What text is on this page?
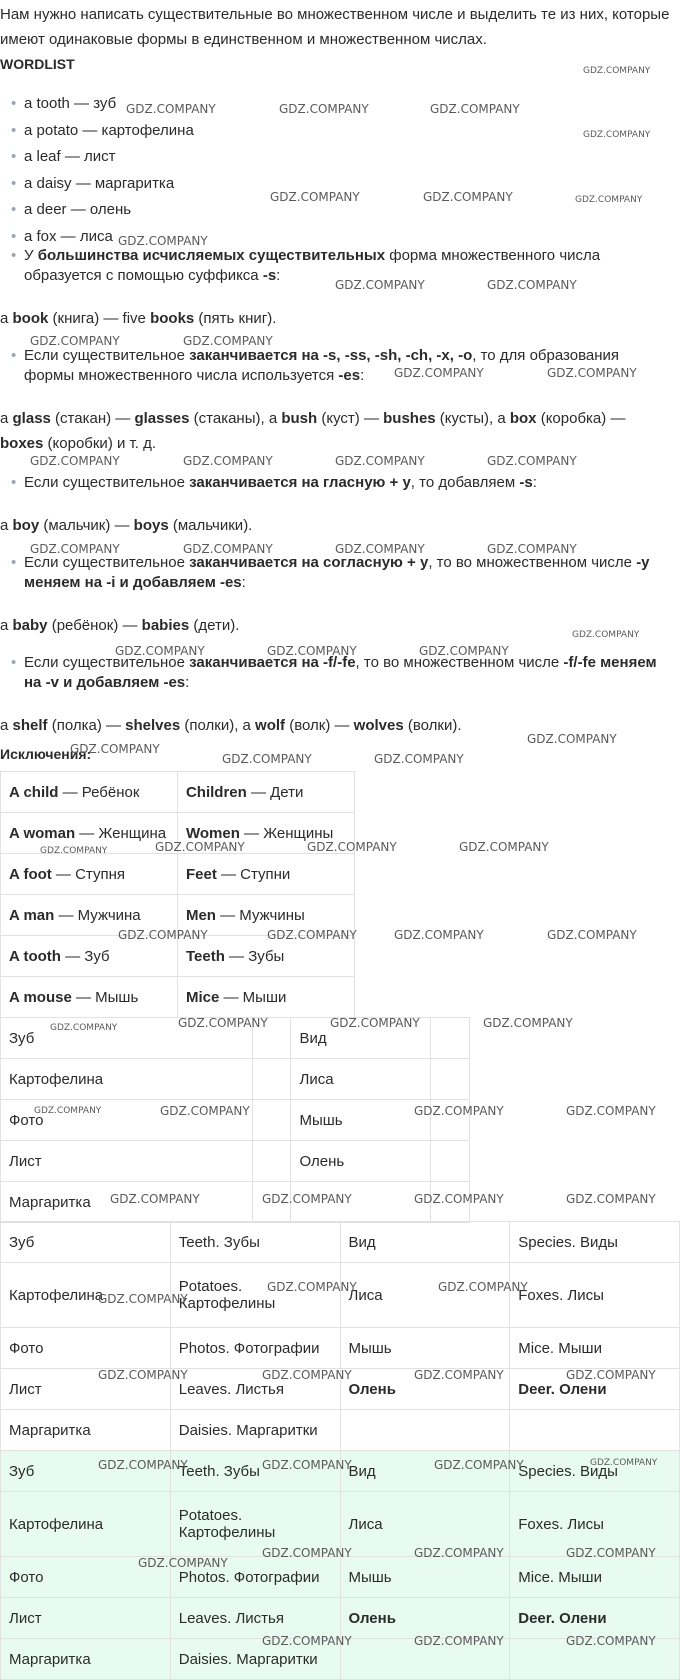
Нам нужно написать существительные во множественном числе и выделить те из них, которые имеют одинаковые формы в единственном и множественном числах.
WORDLIST
• a tooth — зуб
• a potato — картофелина
• a leaf — лист
• a daisy — маргаритка
• a deer — олень
• a fox — лиса
• У большинства исчисляемых существительных форма множественного числа образуется с помощью суффикса -s:
a book (книга) — five books (пять книг).
• Если существительное заканчивается на -s, -ss, -sh, -ch, -x, -o, то для образования формы множественного числа используется -es:
a glass (стакан) — glasses (стаканы), a bush (куст) — bushes (кусты), a box (коробка) — boxes (коробки) и т. д.
• Если существительное заканчивается на гласную + y, то добавляем -s:
a boy (мальчик) — boys (мальчики).
• Если существительное заканчивается на согласную + y, то во множественном числе -y меняем на -i и добавляем -es:
a baby (ребёнок) — babies (дети).
• Если существительное заканчивается на -f/-fe, то во множественном числе -f/-fe меняем на -v и добавляем -es:
a shelf (полка) — shelves (полки), a wolf (волк) — wolves (волки).
Исключения:
A child — Ребёнок	Children — Дети
A woman — Женщина	Women — Женщины
A foot — Ступня	Feet — Ступни
A man — Мужчина	Men — Мужчины
A tooth — Зуб	Teeth — Зубы
A mouse — Мышь	Mice — Мыши
Зуб		Вид	
Картофелина		Лиса	
Фото		Мышь	
Лист		Олень	
Маргаритка			
Зуб	Teeth. Зубы	Вид	Species. Виды
Картофелина	Potatoes. Картофелины	Лиса	Foxes. Лисы
Фото	Photos. Фотографии	Мышь	Mice. Мыши
Лист	Leaves. Листья	Олень	Deer. Олени
Маргаритка	Daisies. Маргаритки		
Зуб	Teeth. Зубы	Вид	Species. Виды
Картофелина	Potatoes. Картофелины	Лиса	Foxes. Лисы
Фото	Photos. Фотографии	Мышь	Mice. Мыши
Лист	Leaves. Листья	Олень	Deer. Олени
Маргаритка	Daisies. Маргаритки		
GDZ.COMPANY
GDZ.COMPANY	GDZ.COMPANY	GDZ.COMPANY
GDZ.COMPANY
GDZ.COMPANY	GDZ.COMPANY	GDZ.COMPANY
GDZ.COMPANY
GDZ.COMPANY	GDZ.COMPANY
GDZ.COMPANY	GDZ.COMPANY
GDZ.COMPANY	GDZ.COMPANY
GDZ.COMPANY	GDZ.COMPANY	GDZ.COMPANY	GDZ.COMPANY
GDZ.COMPANY	GDZ.COMPANY	GDZ.COMPANY	GDZ.COMPANY
GDZ.COMPANY
GDZ.COMPANY	GDZ.COMPANY	GDZ.COMPANY
GDZ.COMPANY
GDZ.COMPANY
GDZ.COMPANY	GDZ.COMPANY
GDZ.COMPANY	GDZ.COMPANY	GDZ.COMPANY	GDZ.COMPANY
GDZ.COMPANY	GDZ.COMPANY	GDZ.COMPANY	GDZ.COMPANY
GDZ.COMPANY	GDZ.COMPANY	GDZ.COMPANY	GDZ.COMPANY
GDZ.COMPANY	GDZ.COMPANY	GDZ.COMPANY	GDZ.COMPANY
GDZ.COMPANY	GDZ.COMPANY	GDZ.COMPANY	GDZ.COMPANY
GDZ.COMPANY	GDZ.COMPANY
GDZ.COMPANY
GDZ.COMPANY	GDZ.COMPANY	GDZ.COMPANY	GDZ.COMPANY
GDZ.COMPANY	GDZ.COMPANY	GDZ.COMPANY	GDZ.COMPANY
GDZ.COMPANY	GDZ.COMPANY	GDZ.COMPANY
GDZ.COMPANY
GDZ.COMPANY	GDZ.COMPANY	GDZ.COMPANY
